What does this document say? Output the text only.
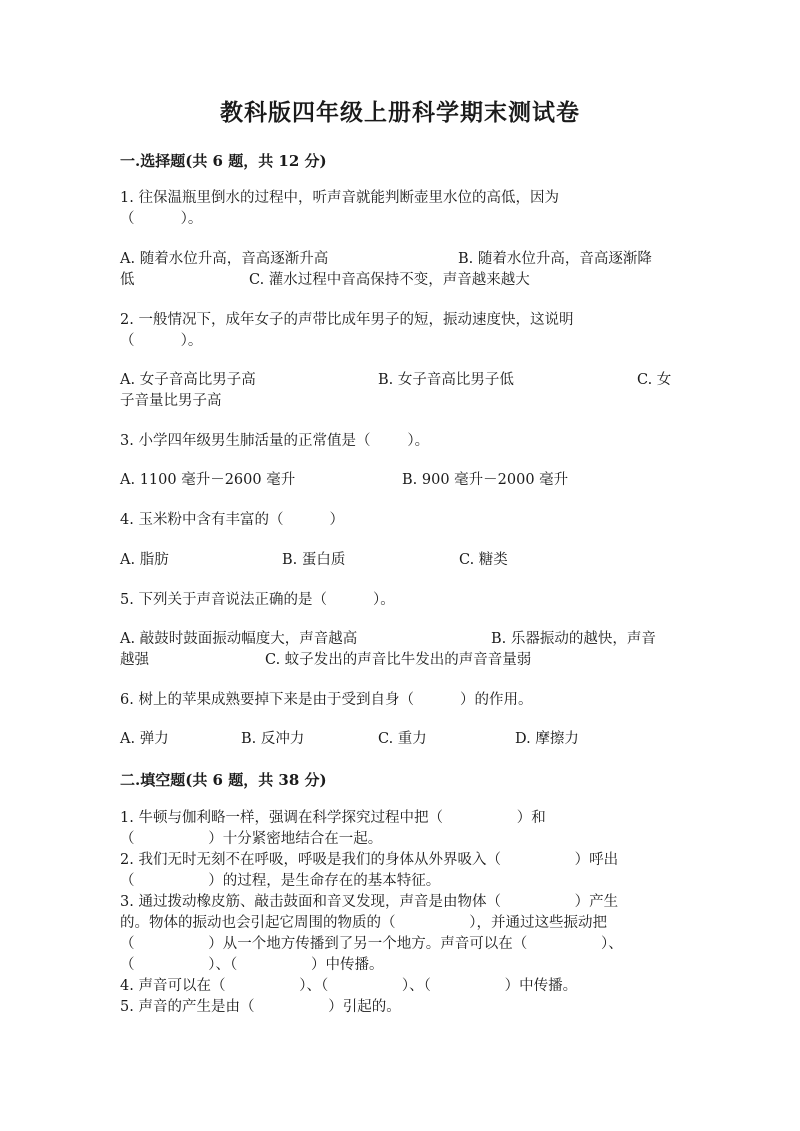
教科版四年级上册科学期末测试卷
一.选择题(共 6 题，共 12 分)
1. 往保温瓶里倒水的过程中，听声音就能判断壶里水位的高低，因为
（          ）。
A. 随着水位升高，音高逐渐升高	B. 随着水位升高，音高逐渐降
低	C. 灌水过程中音高保持不变，声音越来越大
2. 一般情况下，成年女子的声带比成年男子的短，振动速度快，这说明
（          ）。
A. 女子音高比男子高	B. 女子音高比男子低	C. 女
子音量比男子高
3. 小学四年级男生肺活量的正常值是（        ）。
A. 1100 毫升－2600 毫升	B. 900 毫升－2000 毫升
4. 玉米粉中含有丰富的（          ）
A. 脂肪	B. 蛋白质	C. 糖类
5. 下列关于声音说法正确的是（          ）。
A. 敲鼓时鼓面振动幅度大，声音越高	B. 乐器振动的越快，声音
越强	C. 蚊子发出的声音比牛发出的声音音量弱
6. 树上的苹果成熟要掉下来是由于受到自身（          ）的作用。
A. 弹力	B. 反冲力	C. 重力	D. 摩擦力
二.填空题(共 6 题，共 38 分)
1. 牛顿与伽利略一样，强调在科学探究过程中把（                ）和
（                ）十分紧密地结合在一起。
2. 我们无时无刻不在呼吸，呼吸是我们的身体从外界吸入（                ）呼出
（                ）的过程，是生命存在的基本特征。
3. 通过拨动橡皮筋、敲击鼓面和音叉发现，声音是由物体（                ）产生
的。物体的振动也会引起它周围的物质的（                ），并通过这些振动把
（                ）从一个地方传播到了另一个地方。声音可以在（                ）、
（                ）、（                ）中传播。
4. 声音可以在（                ）、（                ）、（                ）中传播。
5. 声音的产生是由（                ）引起的。
